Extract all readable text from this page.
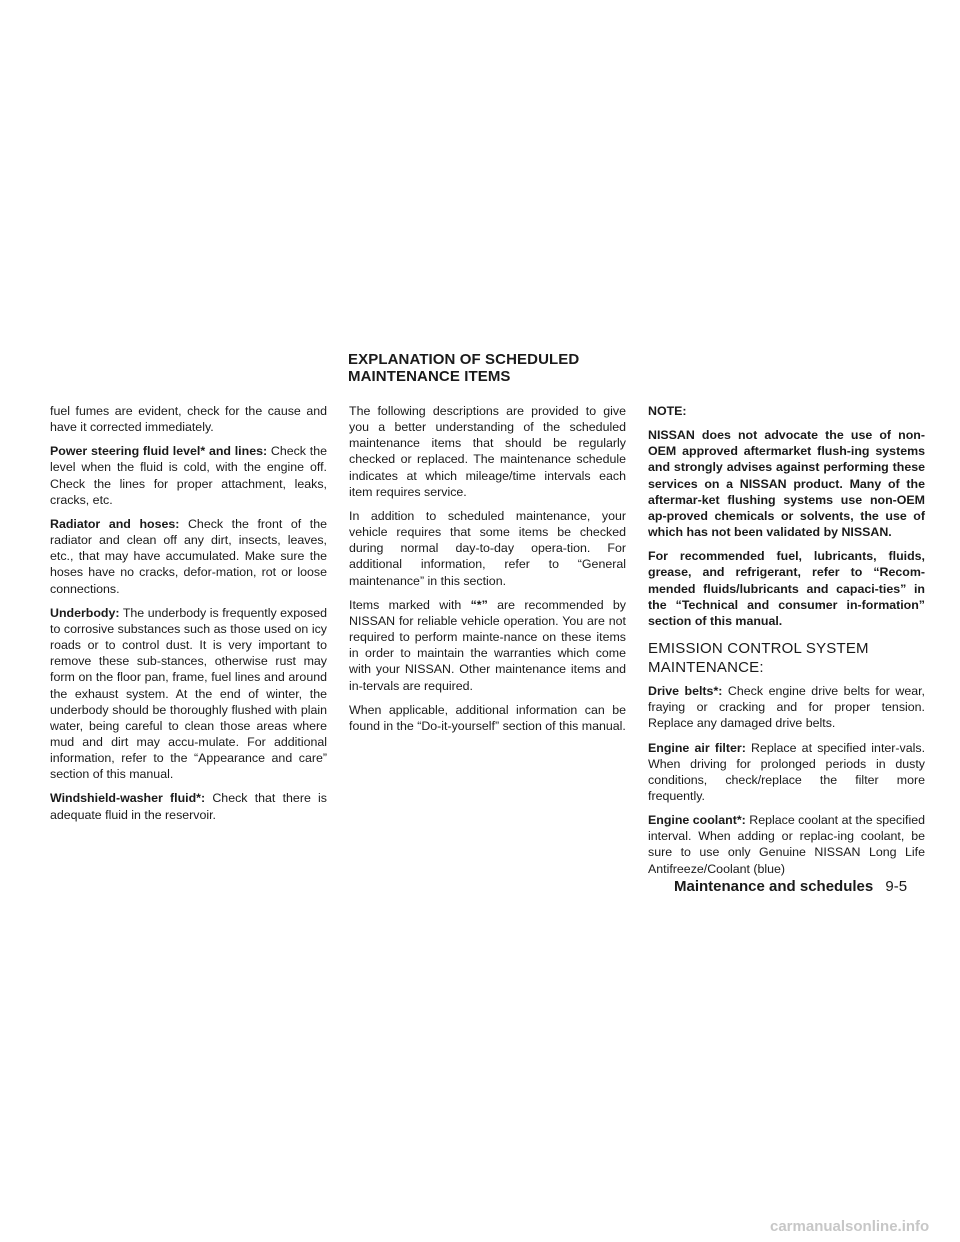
EXPLANATION OF SCHEDULED
MAINTENANCE ITEMS

fuel fumes are evident, check for the cause and have it corrected immediately.

Power steering fluid level* and lines: Check the level when the fluid is cold, with the engine off. Check the lines for proper attachment, leaks, cracks, etc.

Radiator and hoses: Check the front of the radiator and clean off any dirt, insects, leaves, etc., that may have accumulated. Make sure the hoses have no cracks, defor-mation, rot or loose connections.

Underbody: The underbody is frequently exposed to corrosive substances such as those used on icy roads or to control dust. It is very important to remove these sub-stances, otherwise rust may form on the floor pan, frame, fuel lines and around the exhaust system. At the end of winter, the underbody should be thoroughly flushed with plain water, being careful to clean those areas where mud and dirt may accu-mulate. For additional information, refer to the “Appearance and care” section of this manual.

Windshield-washer fluid*: Check that there is adequate fluid in the reservoir.

The following descriptions are provided to give you a better understanding of the scheduled maintenance items that should be regularly checked or replaced. The maintenance schedule indicates at which mileage/time intervals each item requires service.

In addition to scheduled maintenance, your vehicle requires that some items be checked during normal day-to-day opera-tion. For additional information, refer to “General maintenance” in this section.

Items marked with “*” are recommended by NISSAN for reliable vehicle operation. You are not required to perform mainte-nance on these items in order to maintain the warranties which come with your NISSAN. Other maintenance items and in-tervals are required.

When applicable, additional information can be found in the “Do-it-yourself” section of this manual.

NOTE:

NISSAN does not advocate the use of non-OEM approved aftermarket flush-ing systems and strongly advises against performing these services on a NISSAN product. Many of the aftermar-ket flushing systems use non-OEM ap-proved chemicals or solvents, the use of which has not been validated by NISSAN.

For recommended fuel, lubricants, fluids, grease, and refrigerant, refer to “Recom-mended fluids/lubricants and capaci-ties” in the “Technical and consumer in-formation” section of this manual.

EMISSION CONTROL SYSTEM
MAINTENANCE:

Drive belts*: Check engine drive belts for wear, fraying or cracking and for proper tension. Replace any damaged drive belts.

Engine air filter: Replace at specified inter-vals. When driving for prolonged periods in dusty conditions, check/replace the filter more frequently.

Engine coolant*: Replace coolant at the specified interval. When adding or replac-ing coolant, be sure to use only Genuine NISSAN Long Life Antifreeze/Coolant (blue)

Maintenance and schedules 9-5
carmanualsonline.info
